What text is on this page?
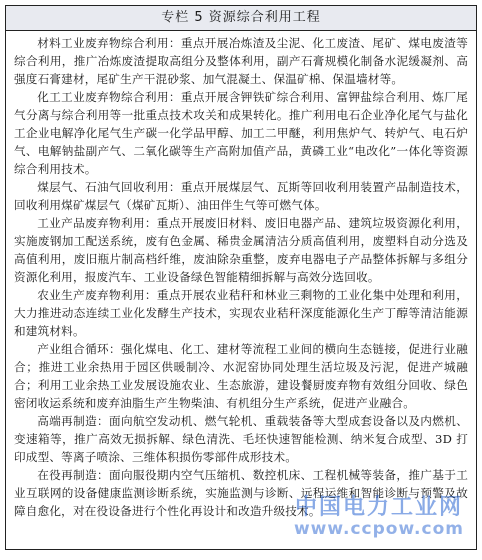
专栏 5 资源综合利用工程

材料工业废弃物综合利用：重点开展冶炼渣及尘泥、化工废渣、尾矿、煤电废渣等综合利用，推广冶炼废渣提取高组分及整体利用，副产石膏规模化制备水泥缓凝剂、高强度石膏建材，尾矿生产干混砂浆、加气混凝土、保温矿棉、保温墙材等。

化工工业废弃物综合利用：重点开展含钾铁矿综合利用、富钾盐综合利用、炼厂尾气分离与综合利用等一批重点技术攻关和成果转化。推广利用电石企业净化尾气与盐化工企业电解净化尾气生产碳一化学品甲醇、加工二甲醚，利用焦炉气、转炉气、电石炉气、电解钠盐副产气、二氧化碳等生产高附加值产品，黄磷工业“电改化”一体化等资源综合利用技术。

煤层气、石油气回收利用：重点开展煤层气、瓦斯等回收利用装置产品制造技术，回收利用煤矿煤层气（煤矿瓦斯）、油田伴生气等可燃气体。

工业产品废弃物利用：重点开展废旧材料、废旧电器产品、建筑垃圾资源化利用，实施废钢加工配送系统，废有色金属、稀贵金属清洁分质高值利用，废塑料自动分选及高值利用，废旧瓶片制高档纤维，废油除杂重整，废弃电器电子产品整体拆解与多组分资源化利用，报废汽车、工业设备绿色智能精细拆解与高效分选回收。

农业生产废弃物利用：重点开展农业秸秆和林业三剩物的工业化集中处理和利用，大力推进动态连续工业化发酵生产技术，实现农业秸秆深度能源化生产丁醇等清洁能源和建筑材料。

产业组合循环：强化煤电、化工、建材等流程工业间的横向生态链接，促进行业融合；推进工业余热用于园区供暖制冷、水泥窑协同处理生活垃圾及污泥，促进产城融合；利用工业余热工业发展设施农业、生态旅游，建设餐厨废弃物有效组分回收、绿色密闭收运系统和废弃油脂生产生物柴油、有机组分生产系统，促进产业融合。

高端再制造：面向航空发动机、燃气轮机、重载装备等大型成套设备以及内燃机、变速箱等，推广高效无损拆解、绿色清洗、毛坯快速智能检测、纳米复合成型、3D 打印成型、等离子喷涂、三维体积损伤零部件成形技术。

在役再制造：面向服役期内空气压缩机、数控机床、工程机械等装备，推广基于工业互联网的设备健康监测诊断系统，实施监测与诊断、远程运维和智能诊断与预警及故障自愈化，对在役设备进行个性化再设计和改造升级技术。

中国电力工业网
www.ccpow.com
